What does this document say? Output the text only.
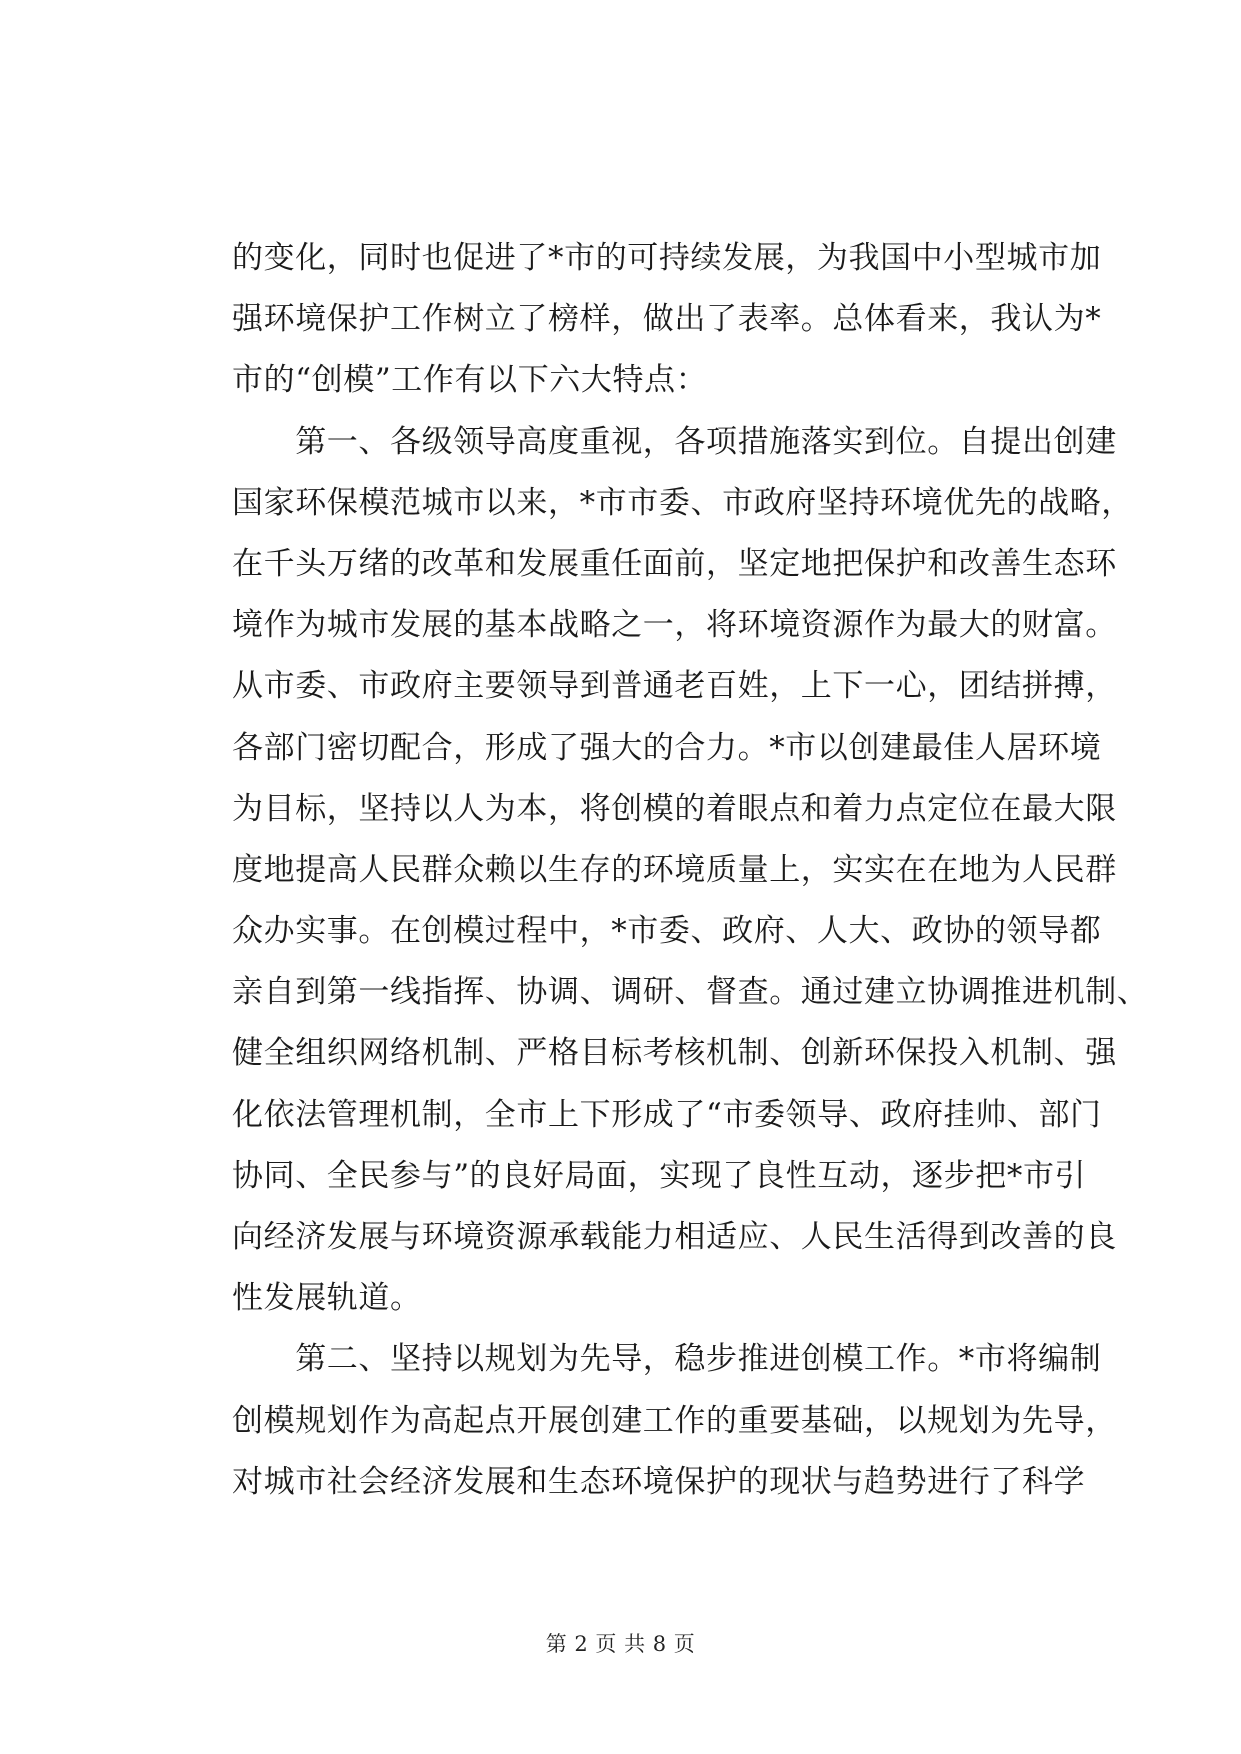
的变化，同时也促进了*市的可持续发展，为我国中小型城市加
强环境保护工作树立了榜样，做出了表率。总体看来，我认为*
市的“创模”工作有以下六大特点：
　　第一、各级领导高度重视，各项措施落实到位。自提出创建
国家环保模范城市以来，*市市委、市政府坚持环境优先的战略，
在千头万绪的改革和发展重任面前，坚定地把保护和改善生态环
境作为城市发展的基本战略之一，将环境资源作为最大的财富。
从市委、市政府主要领导到普通老百姓，上下一心，团结拼搏，
各部门密切配合，形成了强大的合力。*市以创建最佳人居环境
为目标，坚持以人为本，将创模的着眼点和着力点定位在最大限
度地提高人民群众赖以生存的环境质量上，实实在在地为人民群
众办实事。在创模过程中，*市委、政府、人大、政协的领导都
亲自到第一线指挥、协调、调研、督查。通过建立协调推进机制、
健全组织网络机制、严格目标考核机制、创新环保投入机制、强
化依法管理机制，全市上下形成了“市委领导、政府挂帅、部门
协同、全民参与”的良好局面，实现了良性互动，逐步把*市引
向经济发展与环境资源承载能力相适应、人民生活得到改善的良
性发展轨道。
　　第二、坚持以规划为先导，稳步推进创模工作。*市将编制
创模规划作为高起点开展创建工作的重要基础，以规划为先导，
对城市社会经济发展和生态环境保护的现状与趋势进行了科学
第 2 页 共 8 页
